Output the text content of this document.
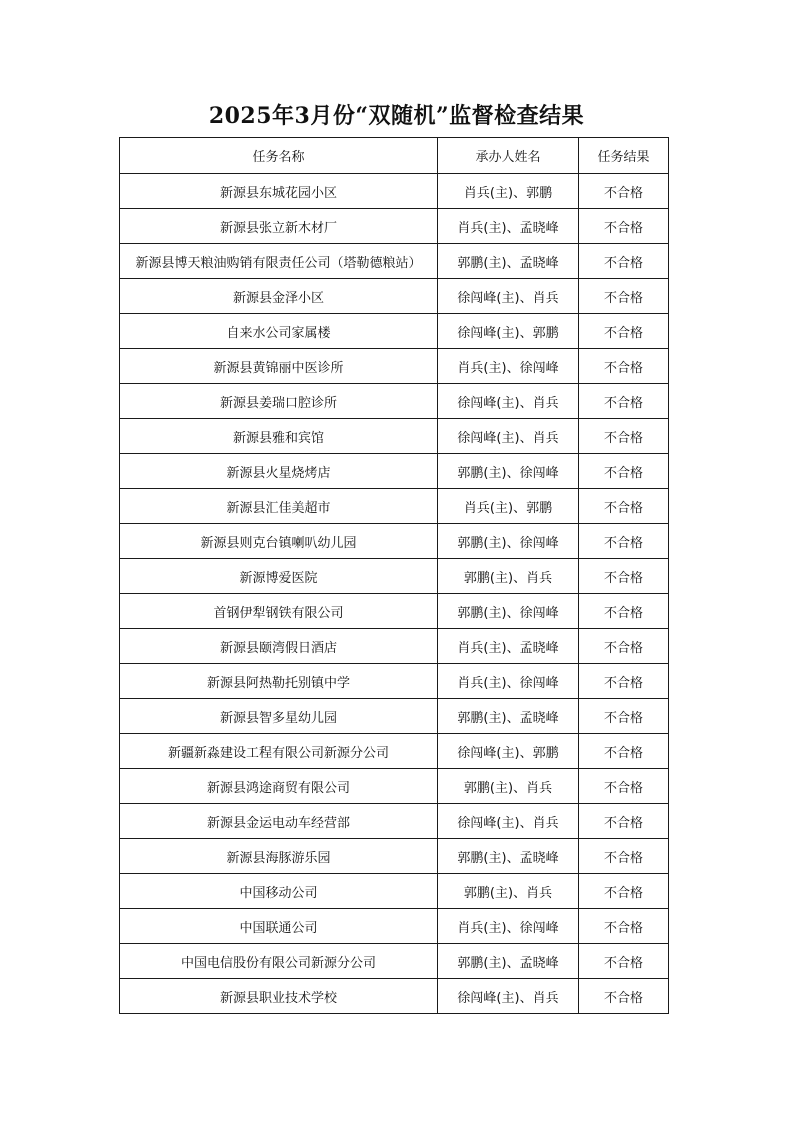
2025年3月份“双随机”监督检查结果
任务名称	承办人姓名	任务结果
新源县东城花园小区	肖兵(主)、郭鹏	不合格
新源县张立新木材厂	肖兵(主)、孟晓峰	不合格
新源县博天粮油购销有限责任公司（塔勒德粮站）	郭鹏(主)、孟晓峰	不合格
新源县金泽小区	徐闯峰(主)、肖兵	不合格
自来水公司家属楼	徐闯峰(主)、郭鹏	不合格
新源县黄锦丽中医诊所	肖兵(主)、徐闯峰	不合格
新源县姜瑞口腔诊所	徐闯峰(主)、肖兵	不合格
新源县雅和宾馆	徐闯峰(主)、肖兵	不合格
新源县火星烧烤店	郭鹏(主)、徐闯峰	不合格
新源县汇佳美超市	肖兵(主)、郭鹏	不合格
新源县则克台镇喇叭幼儿园	郭鹏(主)、徐闯峰	不合格
新源博爱医院	郭鹏(主)、肖兵	不合格
首钢伊犁钢铁有限公司	郭鹏(主)、徐闯峰	不合格
新源县颐湾假日酒店	肖兵(主)、孟晓峰	不合格
新源县阿热勒托别镇中学	肖兵(主)、徐闯峰	不合格
新源县智多星幼儿园	郭鹏(主)、孟晓峰	不合格
新疆新淼建设工程有限公司新源分公司	徐闯峰(主)、郭鹏	不合格
新源县鸿途商贸有限公司	郭鹏(主)、肖兵	不合格
新源县金运电动车经营部	徐闯峰(主)、肖兵	不合格
新源县海豚游乐园	郭鹏(主)、孟晓峰	不合格
中国移动公司	郭鹏(主)、肖兵	不合格
中国联通公司	肖兵(主)、徐闯峰	不合格
中国电信股份有限公司新源分公司	郭鹏(主)、孟晓峰	不合格
新源县职业技术学校	徐闯峰(主)、肖兵	不合格
